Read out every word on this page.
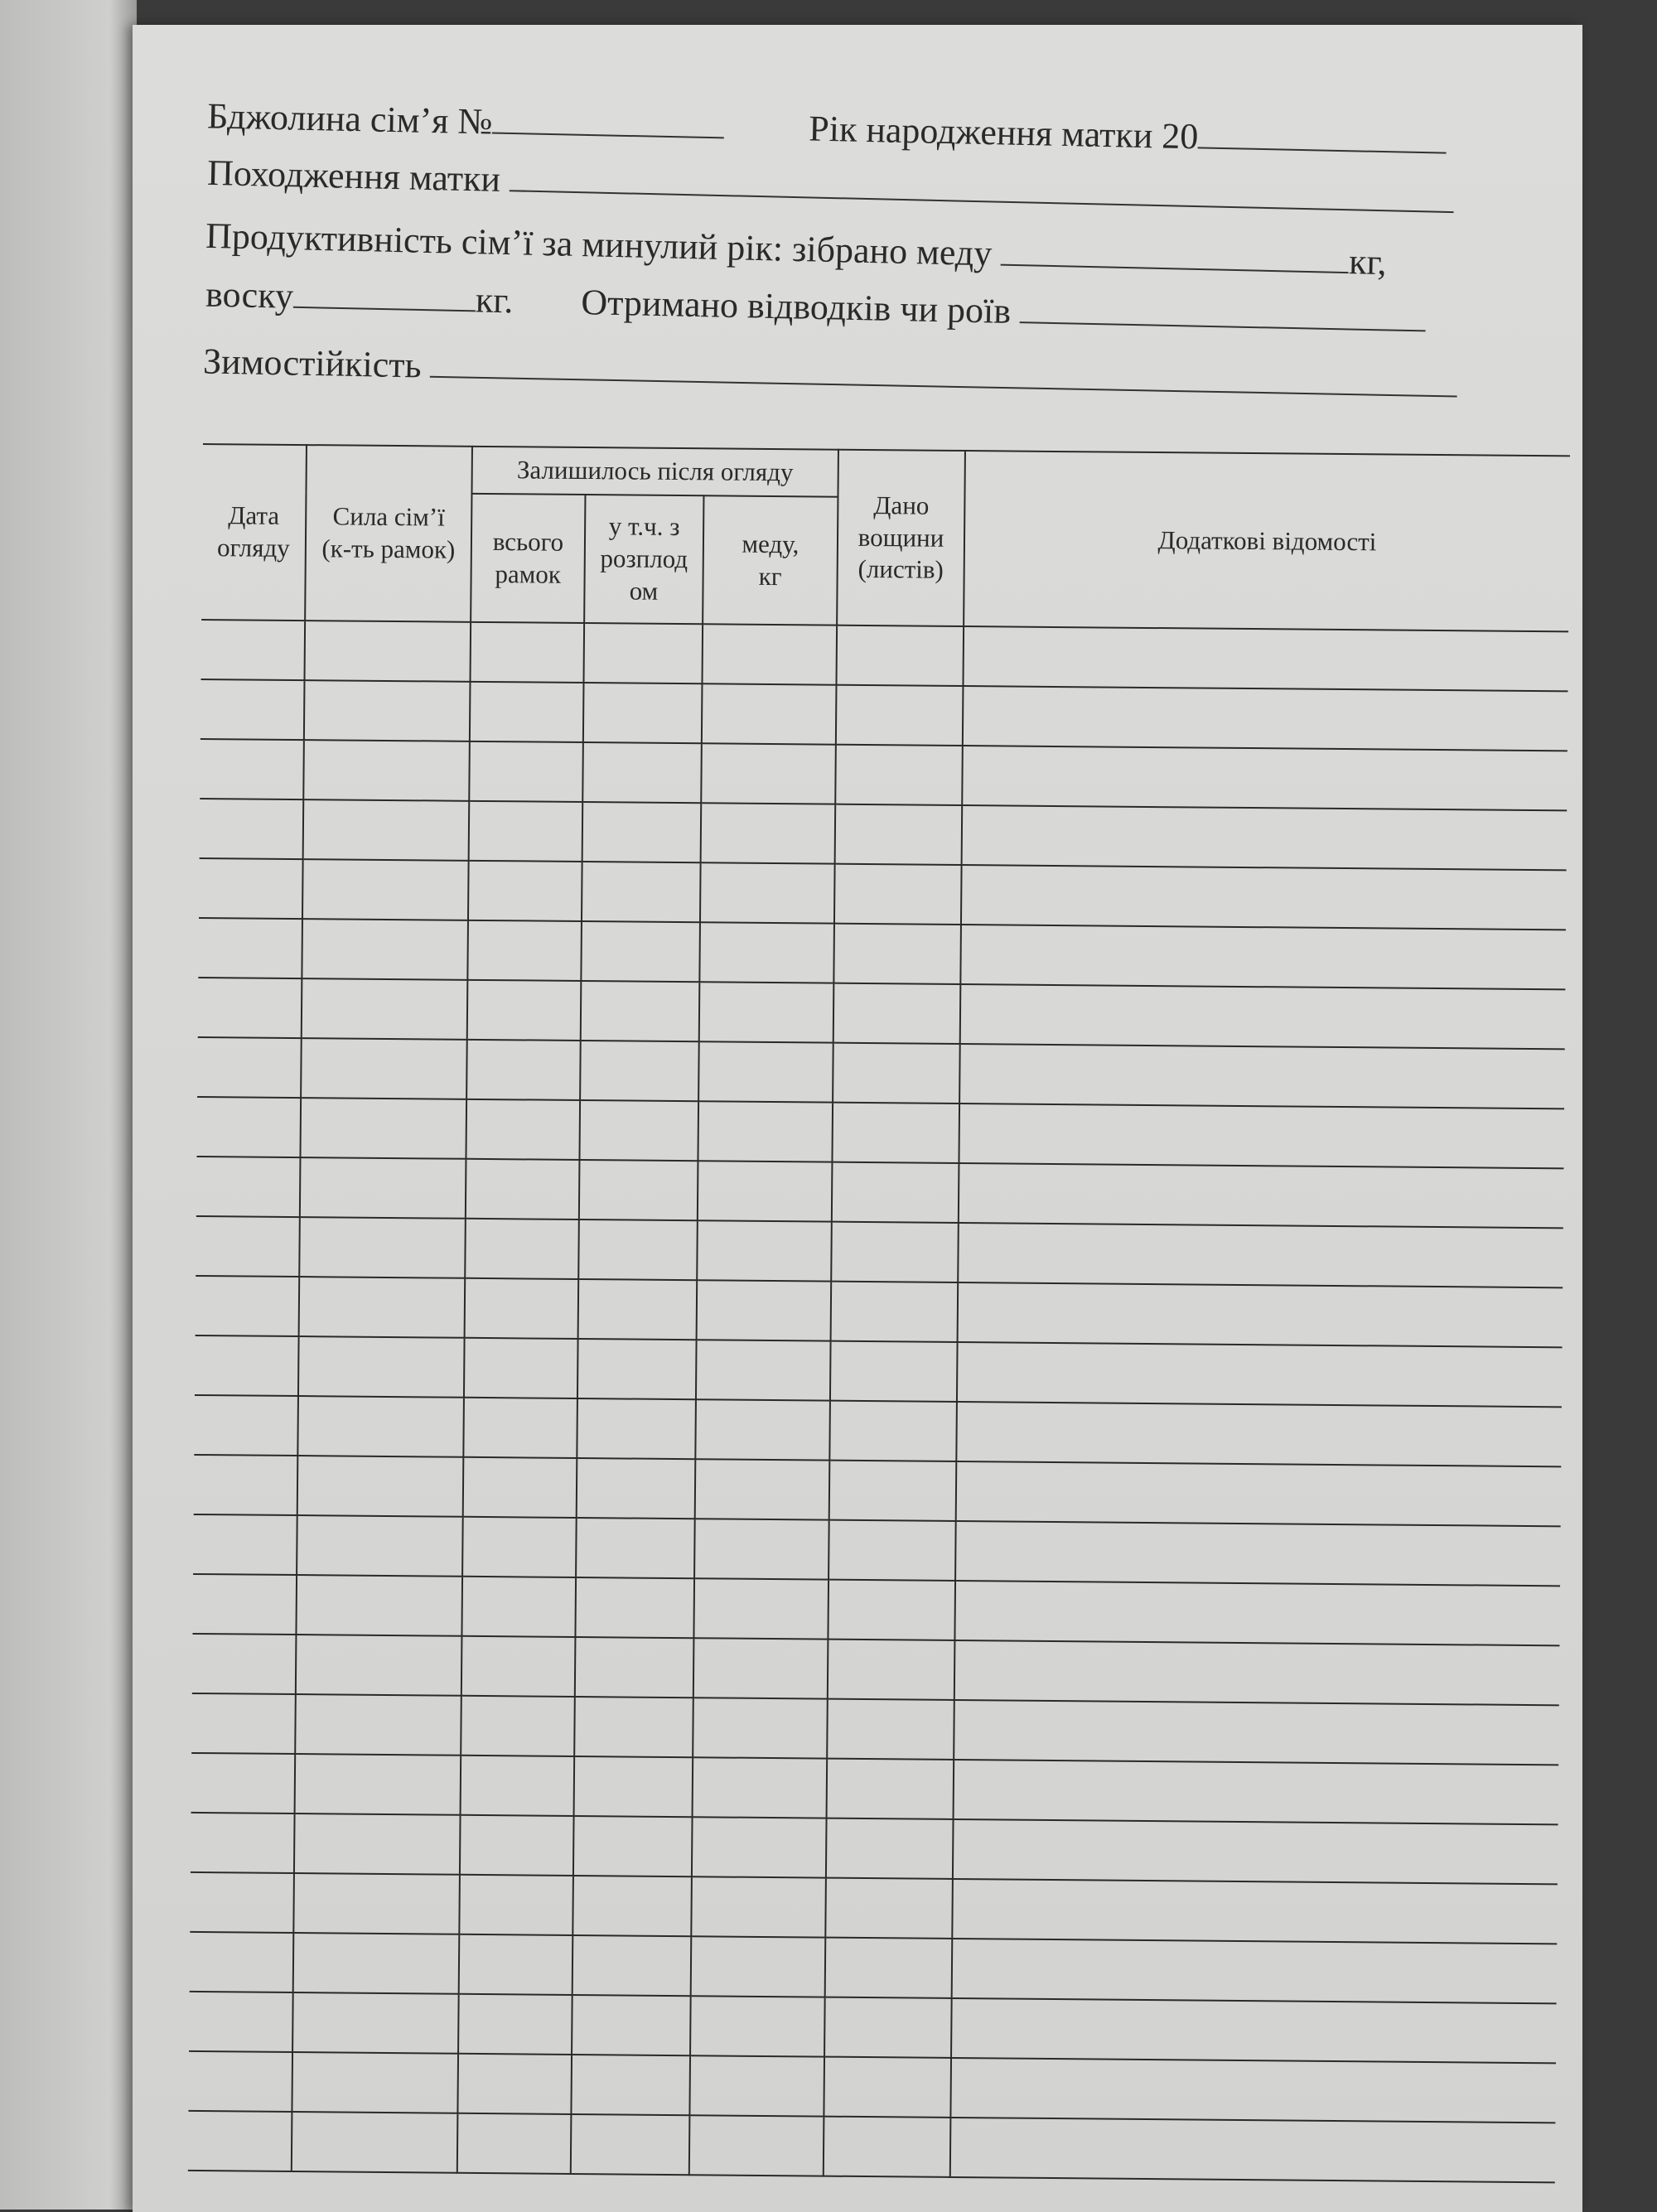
Бджолина сім’я №	Рік народження матки 20
Походження матки
Продуктивність сім’ї за минулий рік: зібрано меду	кг,
воску	кг. Отримано відводків чи роїв
Зимостійкість
Дата огляду	Сила сім’ї (к-ть рамок)	Залишилось після огляду			Дано вощини (листів)	Додаткові відомості
		всього рамок	у т.ч. з розплод ом	меду, кг		
